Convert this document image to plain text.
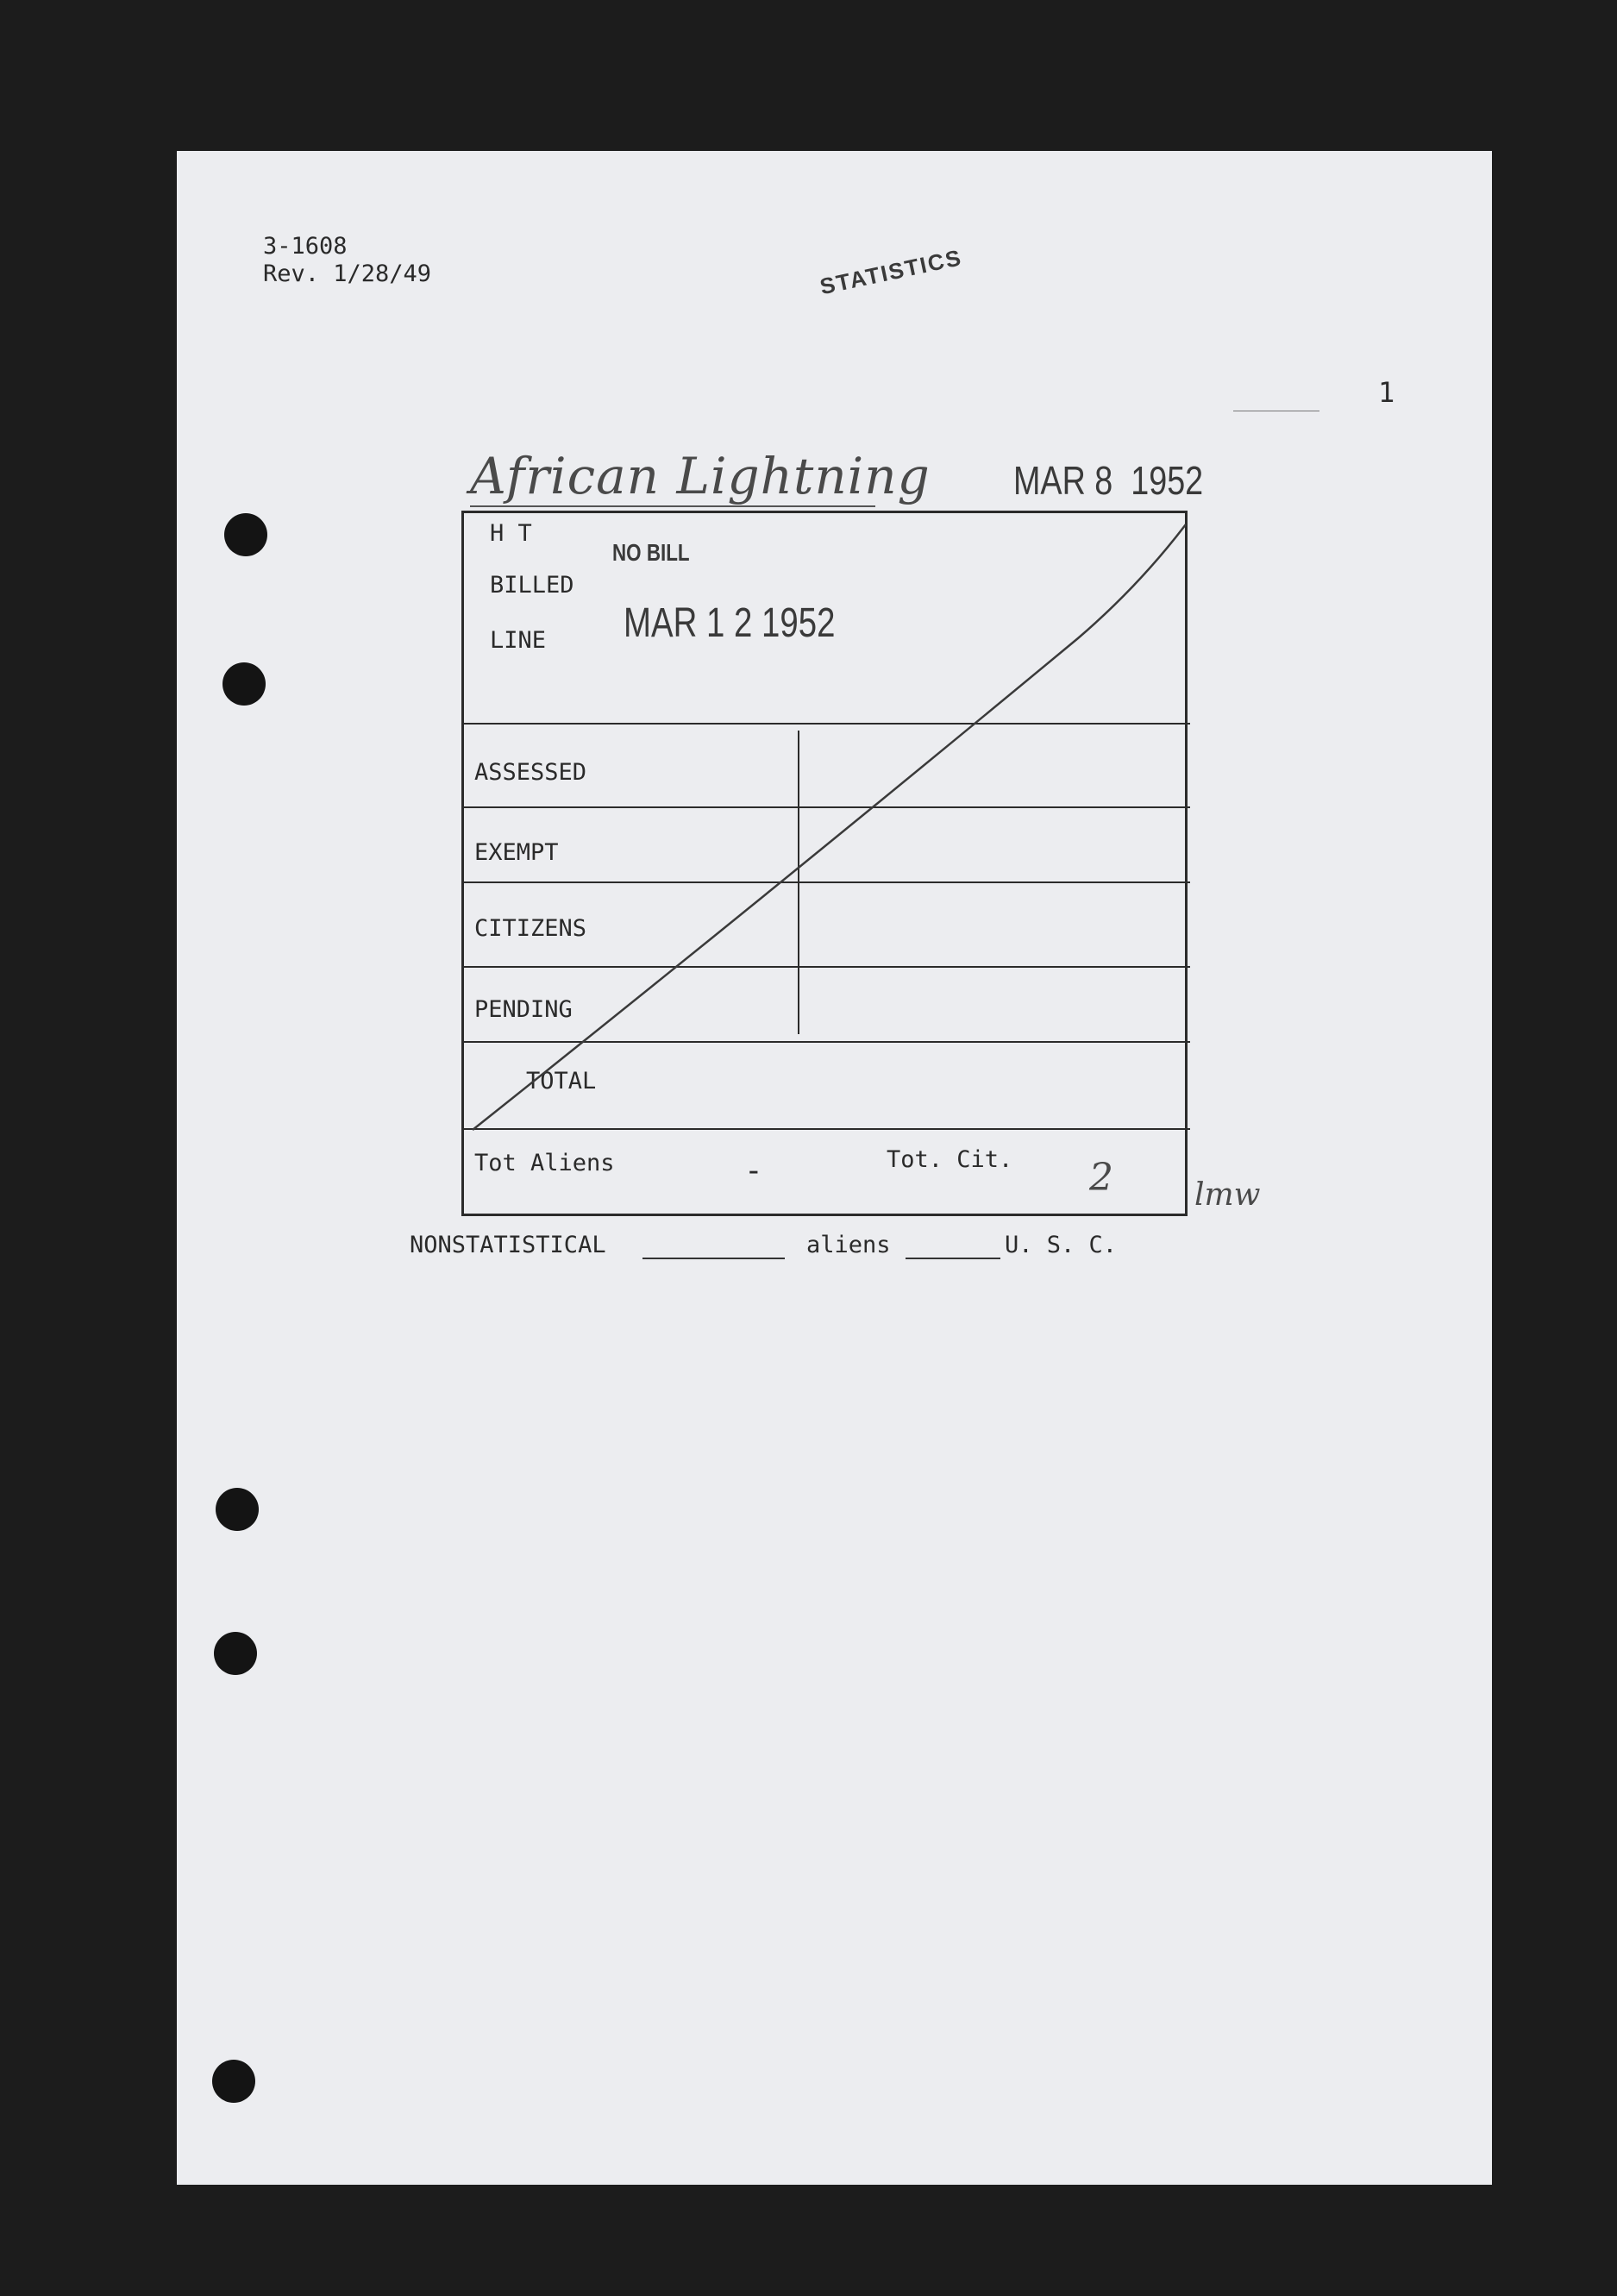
3-1608
Rev. 1/28/49	STATISTICS
1
African Lightning MAR 8  1952
H T
BILLED
LINE
NO BILL
MAR 1 2 1952
ASSESSED
EXEMPT
CITIZENS
PENDING
TOTAL
Tot Aliens	-	Tot. Cit. 2	lmw
NONSTATISTICAL	aliens	U. S. C.
